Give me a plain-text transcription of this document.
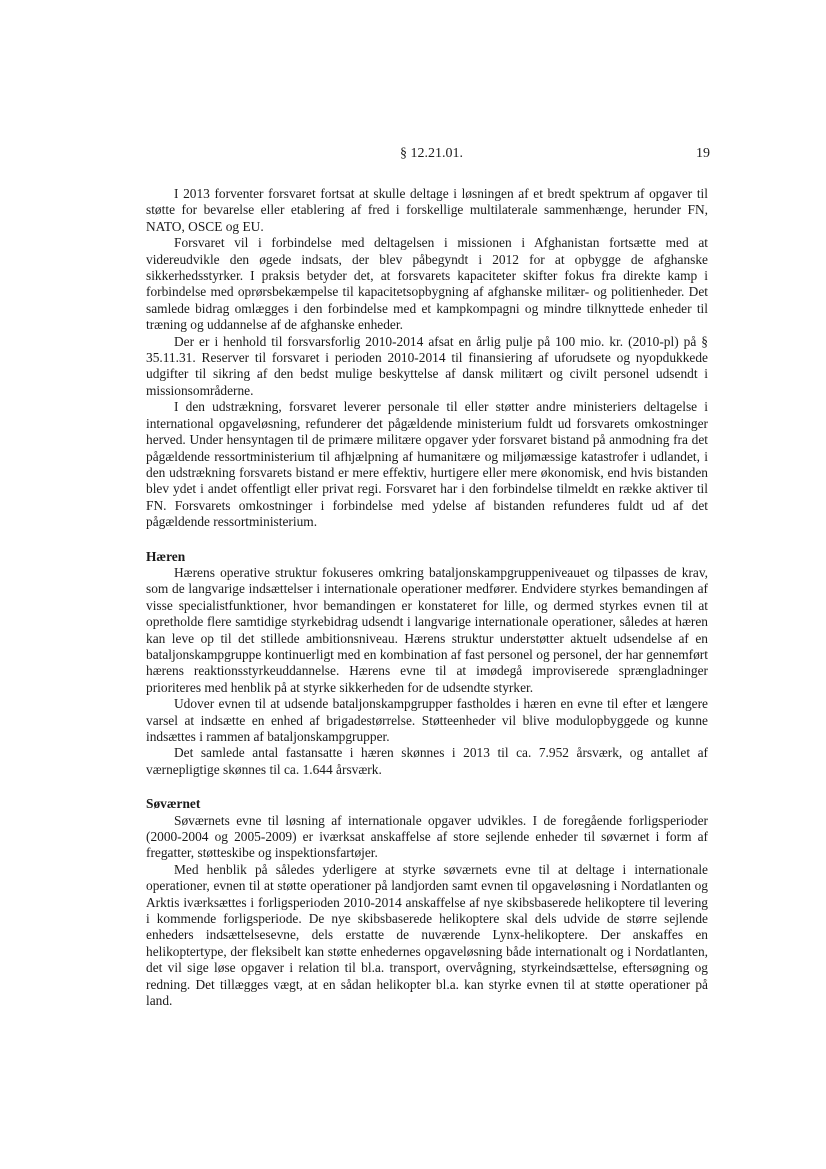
§ 12.21.01.	19

I 2013 forventer forsvaret fortsat at skulle deltage i løsningen af et bredt spektrum af opgaver til støtte for bevarelse eller etablering af fred i forskellige multilaterale sammenhænge, herunder FN, NATO, OSCE og EU.

Forsvaret vil i forbindelse med deltagelsen i missionen i Afghanistan fortsætte med at videreudvikle den øgede indsats, der blev påbegyndt i 2012 for at opbygge de afghanske sikkerhedsstyrker. I praksis betyder det, at forsvarets kapaciteter skifter fokus fra direkte kamp i forbindelse med oprørsbekæmpelse til kapacitetsopbygning af afghanske militær- og politienheder. Det samlede bidrag omlægges i den forbindelse med et kampkompagni og mindre tilknyttede enheder til træning og uddannelse af de afghanske enheder.

Der er i henhold til forsvarsforlig 2010-2014 afsat en årlig pulje på 100 mio. kr. (2010-pl) på § 35.11.31. Reserver til forsvaret i perioden 2010-2014 til finansiering af uforudsete og nyopdukkede udgifter til sikring af den bedst mulige beskyttelse af dansk militært og civilt personel udsendt i missionsområderne.

I den udstrækning, forsvaret leverer personale til eller støtter andre ministeriers deltagelse i international opgaveløsning, refunderer det pågældende ministerium fuldt ud forsvarets omkostninger herved. Under hensyntagen til de primære militære opgaver yder forsvaret bistand på anmodning fra det pågældende ressortministerium til afhjælpning af humanitære og miljømæssige katastrofer i udlandet, i den udstrækning forsvarets bistand er mere effektiv, hurtigere eller mere økonomisk, end hvis bistanden blev ydet i andet offentligt eller privat regi. Forsvaret har i den forbindelse tilmeldt en række aktiver til FN. Forsvarets omkostninger i forbindelse med ydelse af bistanden refunderes fuldt ud af det pågældende ressortministerium.

Hæren

Hærens operative struktur fokuseres omkring bataljonskampgruppeniveauet og tilpasses de krav, som de langvarige indsættelser i internationale operationer medfører. Endvidere styrkes bemandingen af visse specialistfunktioner, hvor bemandingen er konstateret for lille, og dermed styrkes evnen til at opretholde flere samtidige styrkebidrag udsendt i langvarige internationale operationer, således at hæren kan leve op til det stillede ambitionsniveau. Hærens struktur understøtter aktuelt udsendelse af en bataljonskampgruppe kontinuerligt med en kombination af fast personel og personel, der har gennemført hærens reaktionsstyrkeuddannelse. Hærens evne til at imødegå improviserede sprængladninger prioriteres med henblik på at styrke sikkerheden for de udsendte styrker.

Udover evnen til at udsende bataljonskampgrupper fastholdes i hæren en evne til efter et længere varsel at indsætte en enhed af brigadestørrelse. Støtteenheder vil blive modulopbyggede og kunne indsættes i rammen af bataljonskampgrupper.

Det samlede antal fastansatte i hæren skønnes i 2013 til ca. 7.952 årsværk, og antallet af værnepligtige skønnes til ca. 1.644 årsværk.

Søværnet

Søværnets evne til løsning af internationale opgaver udvikles. I de foregående forligsperioder (2000-2004 og 2005-2009) er iværksat anskaffelse af store sejlende enheder til søværnet i form af fregatter, støtteskibe og inspektionsfartøjer.

Med henblik på således yderligere at styrke søværnets evne til at deltage i internationale operationer, evnen til at støtte operationer på landjorden samt evnen til opgaveløsning i Nordatlanten og Arktis iværksættes i forligsperioden 2010-2014 anskaffelse af nye skibsbaserede helikoptere til levering i kommende forligsperiode. De nye skibsbaserede helikoptere skal dels udvide de større sejlende enheders indsættelsesevne, dels erstatte de nuværende Lynx-helikoptere. Der anskaffes en helikoptertype, der fleksibelt kan støtte enhedernes opgaveløsning både internationalt og i Nordatlanten, det vil sige løse opgaver i relation til bl.a. transport, overvågning, styrkeindsættelse, eftersøgning og redning. Det tillægges vægt, at en sådan helikopter bl.a. kan styrke evnen til at støtte operationer på land.
